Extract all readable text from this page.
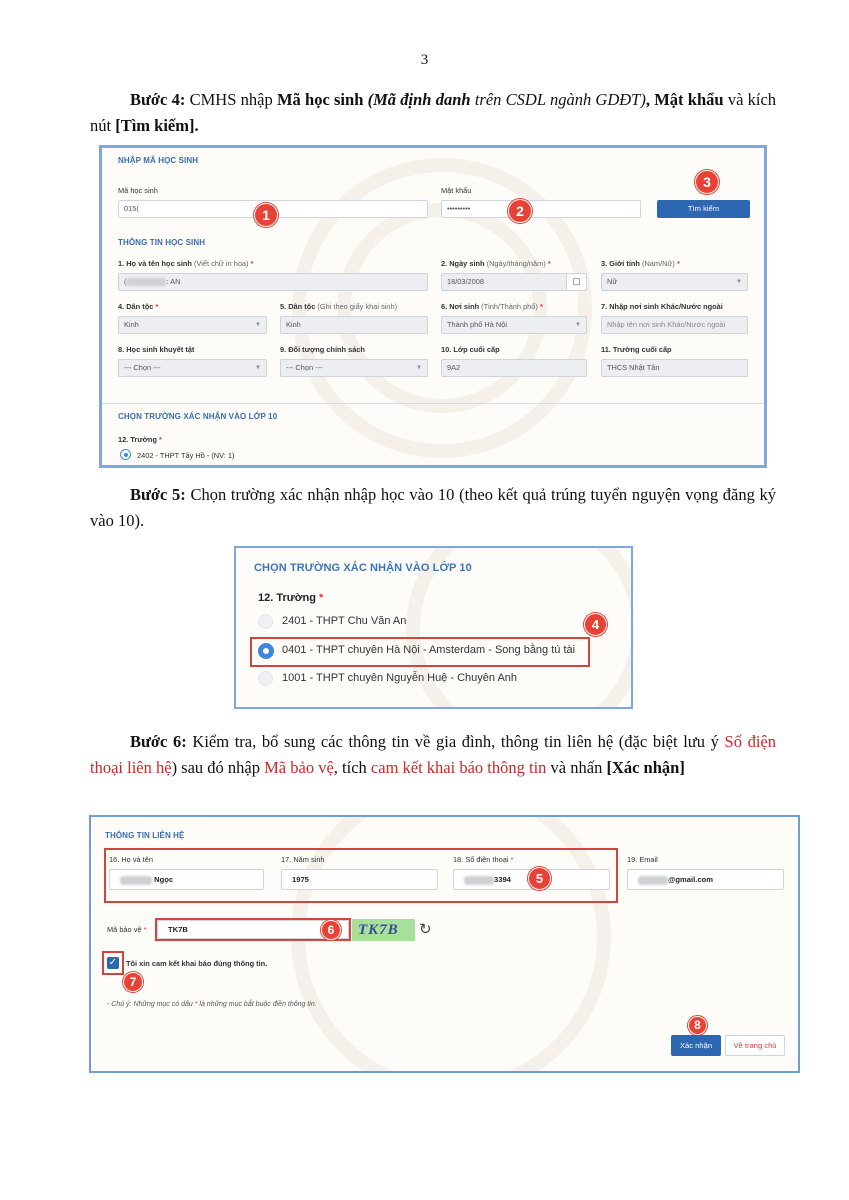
3
Bước 4: CMHS nhập Mã học sinh (Mã định danh trên CSDL ngành GDĐT), Mật khẩu và kích nút [Tìm kiếm].
NHẬP MÃ HỌC SINH
Mã học sinh
015(	1
Mật khẩu
•••••••••	2
3
Tìm kiếm
THÔNG TIN HỌC SINH
1. Họ và tên học sinh (Viết chữ in hoa) *
(	: AN
2. Ngày sinh (Ngày/tháng/năm) *
18/03/2008	▢
3. Giới tính (Nam/Nữ) *
Nữ	▼
4. Dân tộc *
Kinh	▼
5. Dân tộc (Ghi theo giấy khai sinh)
Kinh
6. Nơi sinh (Tỉnh/Thành phố) *
Thành phố Hà Nội	▼
7. Nhập nơi sinh Khác/Nước ngoài
Nhập tên nơi sinh Khác/Nước ngoài
8. Học sinh khuyết tật
--- Chọn ---	▼
9. Đối tượng chính sách
--- Chọn ---	▼
10. Lớp cuối cấp
9A2
11. Trường cuối cấp
THCS Nhật Tân
CHỌN TRƯỜNG XÁC NHẬN VÀO LỚP 10
12. Trường *
2402 - THPT Tây Hồ - (NV: 1)
Bước 5: Chọn trường xác nhận nhập học vào 10 (theo kết quả trúng tuyển nguyện vọng đăng ký vào 10).
CHỌN TRƯỜNG XÁC NHẬN VÀO LỚP 10
12. Trường *
2401 - THPT Chu Văn An
0401 - THPT chuyên Hà Nội - Amsterdam - Song bằng tú tài
4
1001 - THPT chuyên Nguyễn Huệ - Chuyên Anh
Bước 6: Kiểm tra, bổ sung các thông tin về gia đình, thông tin liên hệ (đặc biệt lưu ý Số điện thoại liên hệ) sau đó nhập Mã bảo vệ, tích cam kết khai báo thông tin và nhấn [Xác nhận]
THÔNG TIN LIÊN HỆ
16. Họ và tên
Ngọc
17. Năm sinh
1975
18. Số điện thoại *
3394	5
19. Email
@gmail.com
Mã bảo vệ *	TK7B	6	TK7B	↻
✓ Tôi xin cam kết khai báo đúng thông tin.
7
- Chú ý: Những mục có dấu * là những mục bắt buộc điền thông tin.
8
Xác nhận	Về trang chủ
